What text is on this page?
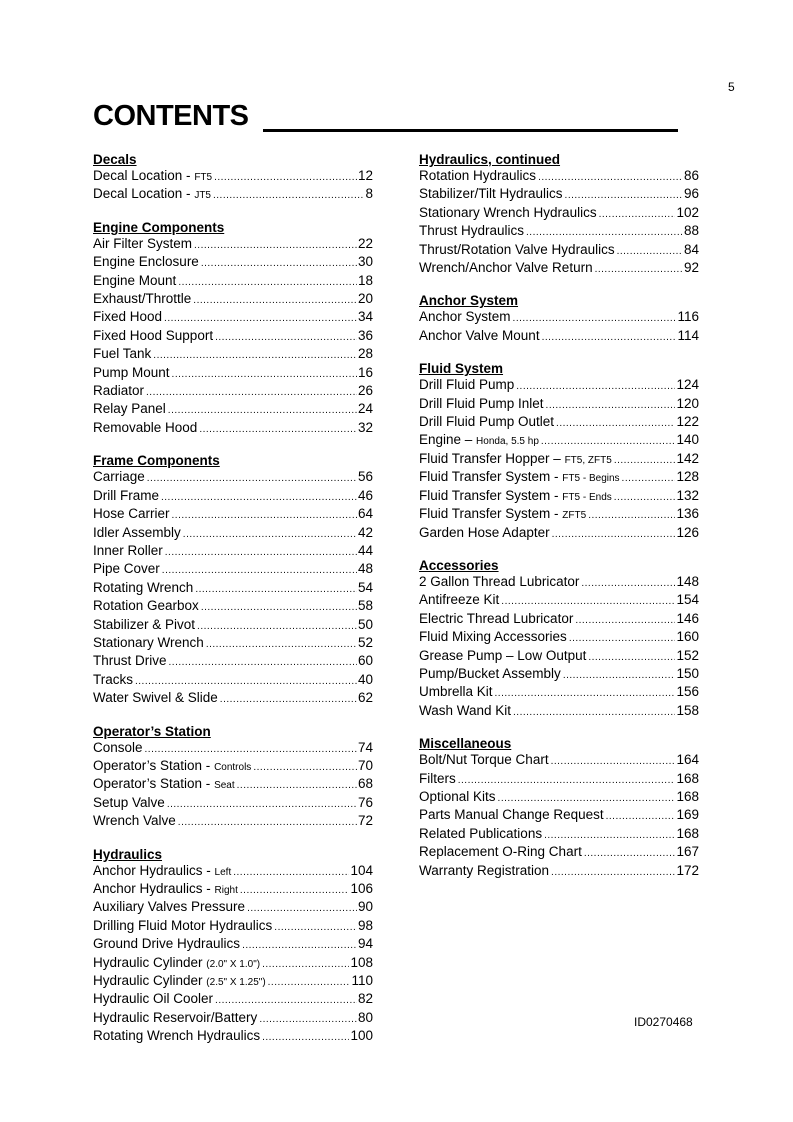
5
CONTENTS
Decals
Decal Location - FT5 .....	12
Decal Location - JT5 .....	8
Engine Components
Air Filter System .....	22
Engine Enclosure .....	30
Engine Mount .....	18
Exhaust/Throttle .....	20
Fixed Hood .....	34
Fixed Hood Support .....	36
Fuel Tank .....	28
Pump Mount .....	16
Radiator .....	26
Relay Panel .....	24
Removable Hood .....	32
Frame Components
Carriage .....	56
Drill Frame .....	46
Hose Carrier .....	64
Idler Assembly .....	42
Inner Roller .....	44
Pipe Cover .....	48
Rotating Wrench .....	54
Rotation Gearbox .....	58
Stabilizer & Pivot .....	50
Stationary Wrench .....	52
Thrust Drive .....	60
Tracks .....	40
Water Swivel & Slide .....	62
Operator’s Station
Console .....	74
Operator’s Station - Controls .....	70
Operator’s Station - Seat .....	68
Setup Valve .....	76
Wrench Valve .....	72
Hydraulics
Anchor Hydraulics - Left .....	104
Anchor Hydraulics - Right .....	106
Auxiliary Valves Pressure .....	90
Drilling Fluid Motor Hydraulics .....	98
Ground Drive Hydraulics .....	94
Hydraulic Cylinder (2.0" X 1.0") .....	108
Hydraulic Cylinder (2.5" X 1.25") .....	110
Hydraulic Oil Cooler .....	82
Hydraulic Reservoir/Battery .....	80
Rotating Wrench Hydraulics .....	100
Hydraulics, continued
Rotation Hydraulics .....	86
Stabilizer/Tilt Hydraulics .....	96
Stationary Wrench Hydraulics .....	102
Thrust Hydraulics .....	88
Thrust/Rotation Valve Hydraulics .....	84
Wrench/Anchor Valve Return .....	92
Anchor System
Anchor System .....	116
Anchor Valve Mount .....	114
Fluid System
Drill Fluid Pump .....	124
Drill Fluid Pump Inlet .....	120
Drill Fluid Pump Outlet .....	122
Engine – Honda, 5.5 hp .....	140
Fluid Transfer Hopper – FT5, ZFT5 .....	142
Fluid Transfer System - FT5 - Begins .....	128
Fluid Transfer System - FT5 - Ends .....	132
Fluid Transfer System - ZFT5 .....	136
Garden Hose Adapter .....	126
Accessories
2 Gallon Thread Lubricator .....	148
Antifreeze Kit .....	154
Electric Thread Lubricator .....	146
Fluid Mixing Accessories .....	160
Grease Pump – Low Output .....	152
Pump/Bucket Assembly .....	150
Umbrella Kit .....	156
Wash Wand Kit .....	158
Miscellaneous
Bolt/Nut Torque Chart .....	164
Filters .....	168
Optional Kits .....	168
Parts Manual Change Request .....	169
Related Publications .....	168
Replacement O-Ring Chart .....	167
Warranty Registration .....	172
ID0270468
